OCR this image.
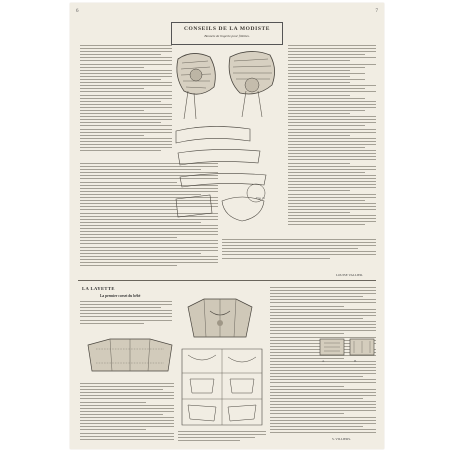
6	7
CONSEILS DE LA MODISTE
Bonnets de lingerie pour fillettes.
Fig. 11
LOUISE VALLIER.
LA LAYETTE
La premier corset du bébé
A.	B.
S. VILLIERS.
